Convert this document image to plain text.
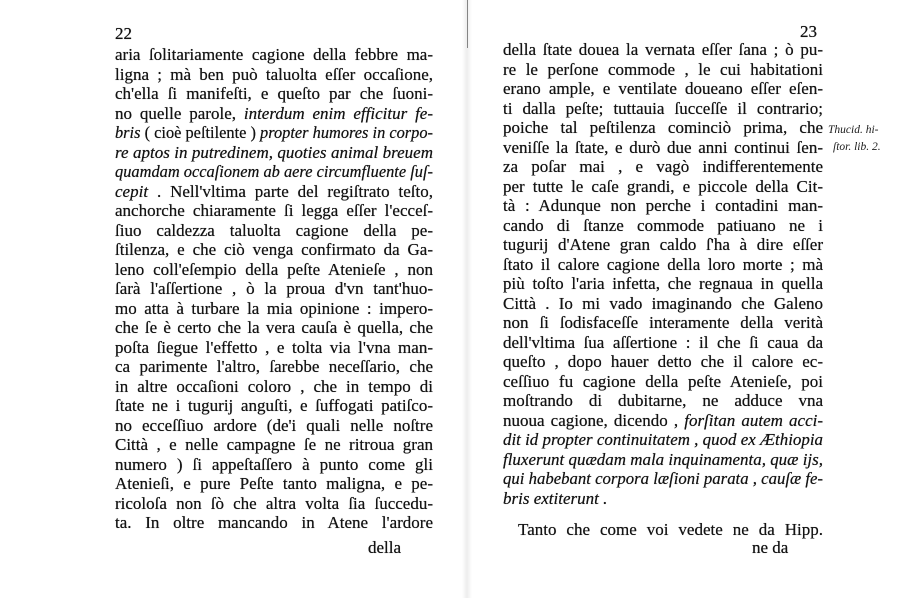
22
aria ſolitariamente cagione della febbre ma-
ligna ; mà ben può taluolta eſſer occaſione,
ch'ella ſi manifeſti, e queſto par che ſuoni-
no quelle parole, interdum enim efficitur fe-
bris ( cioè peſtilente ) propter humores in corpo-
re aptos in putredinem, quoties animal breuem
quamdam occaſionem ab aere circumfluente ſuſ-
cepit . Nell'vltima parte del regiſtrato teſto,
anchorche chiaramente ſi legga eſſer l'ecceſ-
ſiuo caldezza taluolta cagione della pe-
ſtilenza, e che ciò venga confirmato da Ga-
leno coll'eſempio della peſte Atenieſe , non
ſarà l'aſſertione , ò la proua d'vn tant'huo-
mo atta à turbare la mia opinione : impero-
che ſe è certo che la vera cauſa è quella, che
poſta ſiegue l'effetto , e tolta via l'vna man-
ca parimente l'altro, ſarebbe neceſſario, che
in altre occaſioni coloro , che in tempo di
ſtate ne i tugurij anguſti, e ſuffogati patiſco-
no ecceſſiuo ardore (de'i quali nelle noſtre
Città , e nelle campagne ſe ne ritroua gran
numero ) ſi appeſtaſſero à punto come gli
Atenieſi, e pure Peſte tanto maligna, e pe-
ricoloſa non ſò che altra volta ſia ſuccedu-
ta. In oltre mancando in Atene l'ardore
della
23
della ſtate douea la vernata eſſer ſana ; ò pu-
re le perſone commode , le cui habitationi
erano ample, e ventilate doueano eſſer eſen-
ti dalla peſte; tuttauia ſucceſſe il contrario;
poiche tal peſtilenza cominciò prima, che
veniſſe la ſtate, e durò due anni continui ſen-
za poſar mai , e vagò indifferentemente
per tutte le caſe grandi, e piccole della Cit-
tà : Adunque non perche i contadini man-
cando di ſtanze commode patiuano ne i
tugurij d'Atene gran caldo ſ'ha à dire eſſer
ſtato il calore cagione della loro morte ; mà
più toſto l'aria infetta, che regnaua in quella
Città . Io mi vado imaginando che Galeno
non ſi ſodisfaceſſe interamente della verità
dell'vltima ſua aſſertione : il che ſi caua da
queſto , dopo hauer detto che il calore ec-
ceſſiuo fu cagione della peſte Atenieſe, poi
moſtrando di dubitarne, ne adduce vna
nuoua cagione, dicendo , forſitan autem acci-
dit id propter continuitatem , quod ex Æthiopia
fluxerunt quædam mala inquinamenta, quæ ijs,
qui habebant corpora læſioni parata , cauſæ fe-
bris extiterunt .
Tanto che come voi vedete ne da Hipp.
Thucid. hi-
ſtor. lib. 2.
ne da
